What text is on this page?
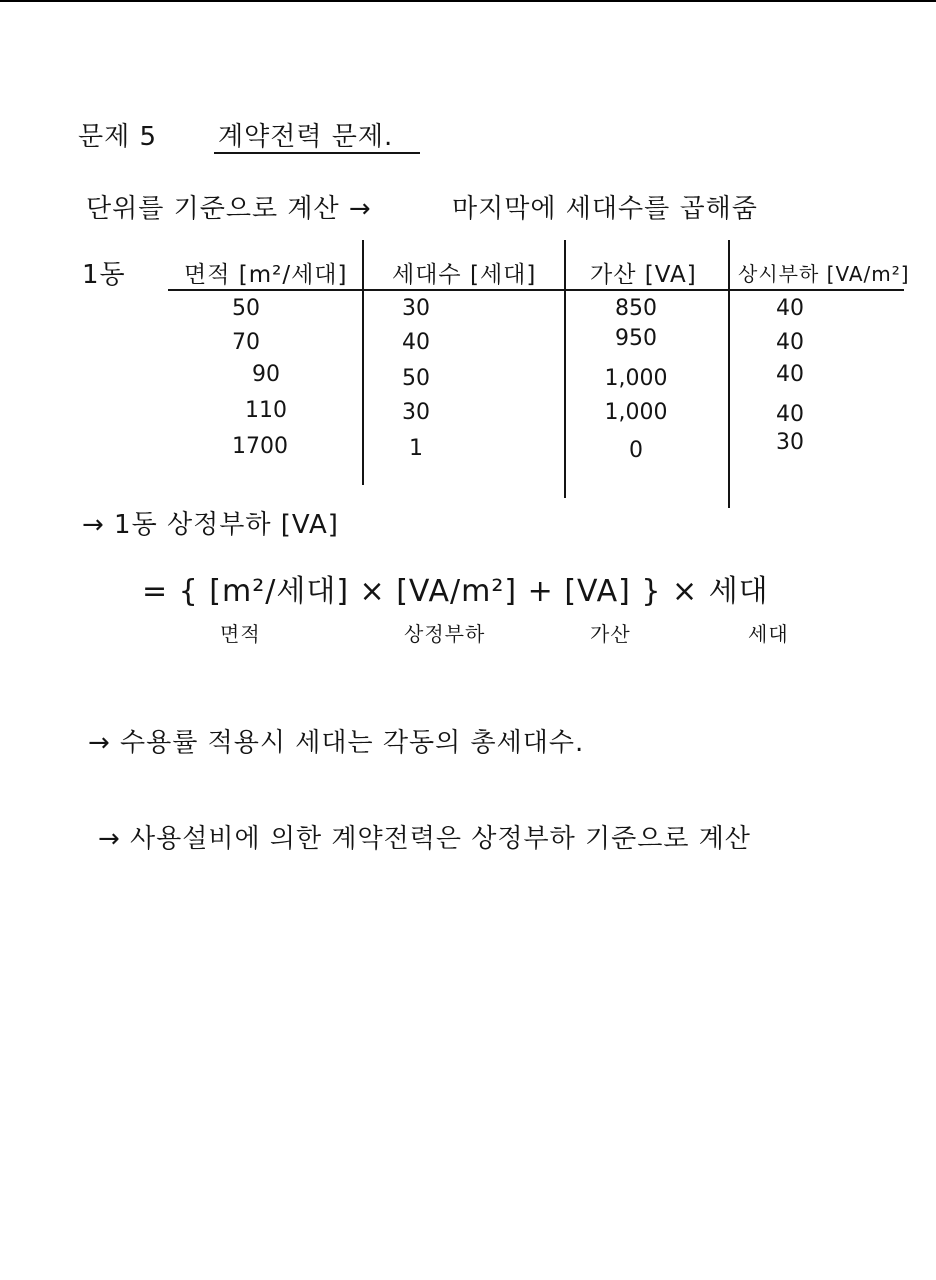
문제 5 계약전력 문제.
단위를 기준으로 계산 →	마지막에 세대수를 곱해줌
1동	면적 [m²/세대] 세대수 [세대] 가산 [VA] 상시부하 [VA/m²]
50	30	850	40
70	40	950	40
90	50	1,000	40
110	30	1,000	40
1700	1	0	30
→ 1동 상정부하 [VA]
= { [m²/세대] × [VA/m²] + [VA] } × 세대
면적	상정부하	가산	세대
→ 수용률 적용시 세대는 각동의 총세대수.
→ 사용설비에 의한 계약전력은 상정부하 기준으로 계산
